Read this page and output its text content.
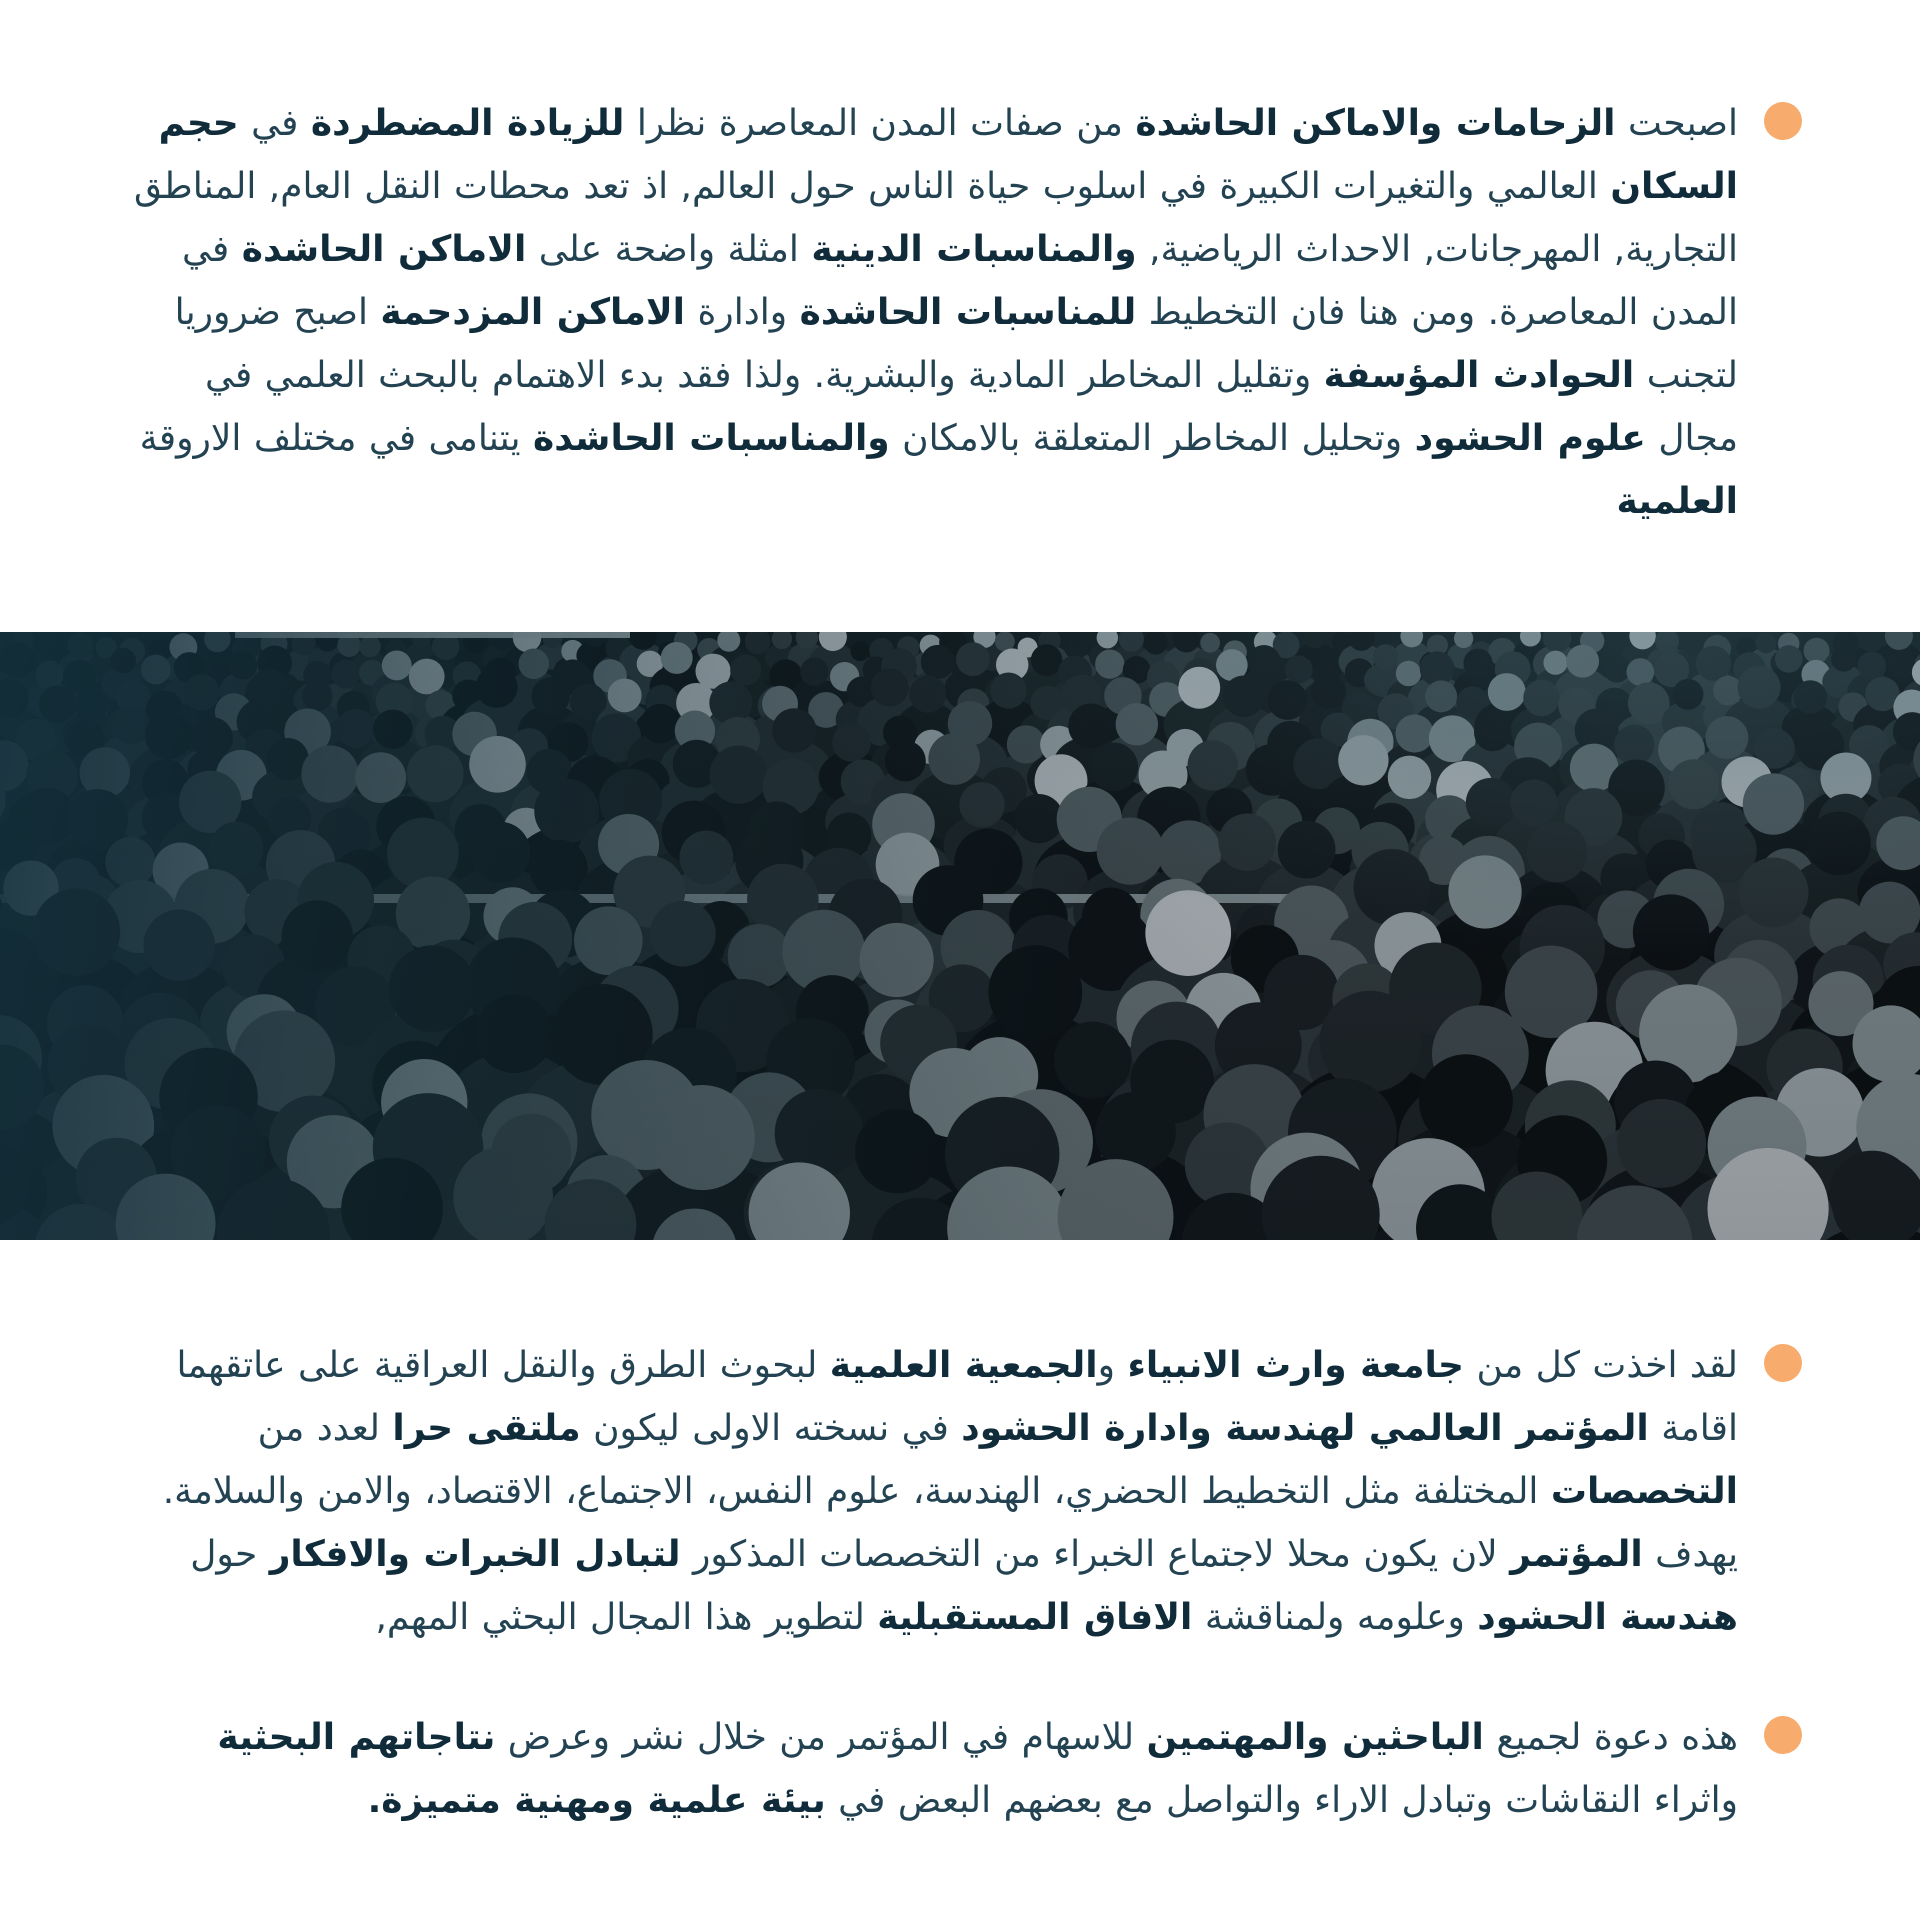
اصبحت الزحامات والاماكن الحاشدة من صفات المدن المعاصرة نظرا للزيادة المضطردة في حجم السكان العالمي والتغيرات الكبيرة في اسلوب حياة الناس حول العالم, اذ تعد محطات النقل العام, المناطق التجارية, المهرجانات, الاحداث الرياضية, والمناسبات الدينية امثلة واضحة على الاماكن الحاشدة في المدن المعاصرة. ومن هنا فان التخطيط للمناسبات الحاشدة وادارة الاماكن المزدحمة اصبح ضروريا لتجنب الحوادث المؤسفة وتقليل المخاطر المادية والبشرية. ولذا فقد بدء الاهتمام بالبحث العلمي في مجال علوم الحشود وتحليل المخاطر المتعلقة بالامكان والمناسبات الحاشدة يتنامى في مختلف الاروقة العلمية
لقد اخذت كل من جامعة وارث الانبياء والجمعية العلمية لبحوث الطرق والنقل العراقية على عاتقهما اقامة المؤتمر العالمي لهندسة وادارة الحشود في نسخته الاولى ليكون ملتقى حرا لعدد من التخصصات المختلفة مثل التخطيط الحضري، الهندسة، علوم النفس، الاجتماع، الاقتصاد، والامن والسلامة. يهدف المؤتمر لان يكون محلا لاجتماع الخبراء من التخصصات المذكور لتبادل الخبرات والافكار حول هندسة الحشود وعلومه ولمناقشة الافاق المستقبلية لتطوير هذا المجال البحثي المهم,
هذه دعوة لجميع الباحثين والمهتمين للاسهام في المؤتمر من خلال نشر وعرض نتاجاتهم البحثية واثراء النقاشات وتبادل الاراء والتواصل مع بعضهم البعض في بيئة علمية ومهنية متميزة.
